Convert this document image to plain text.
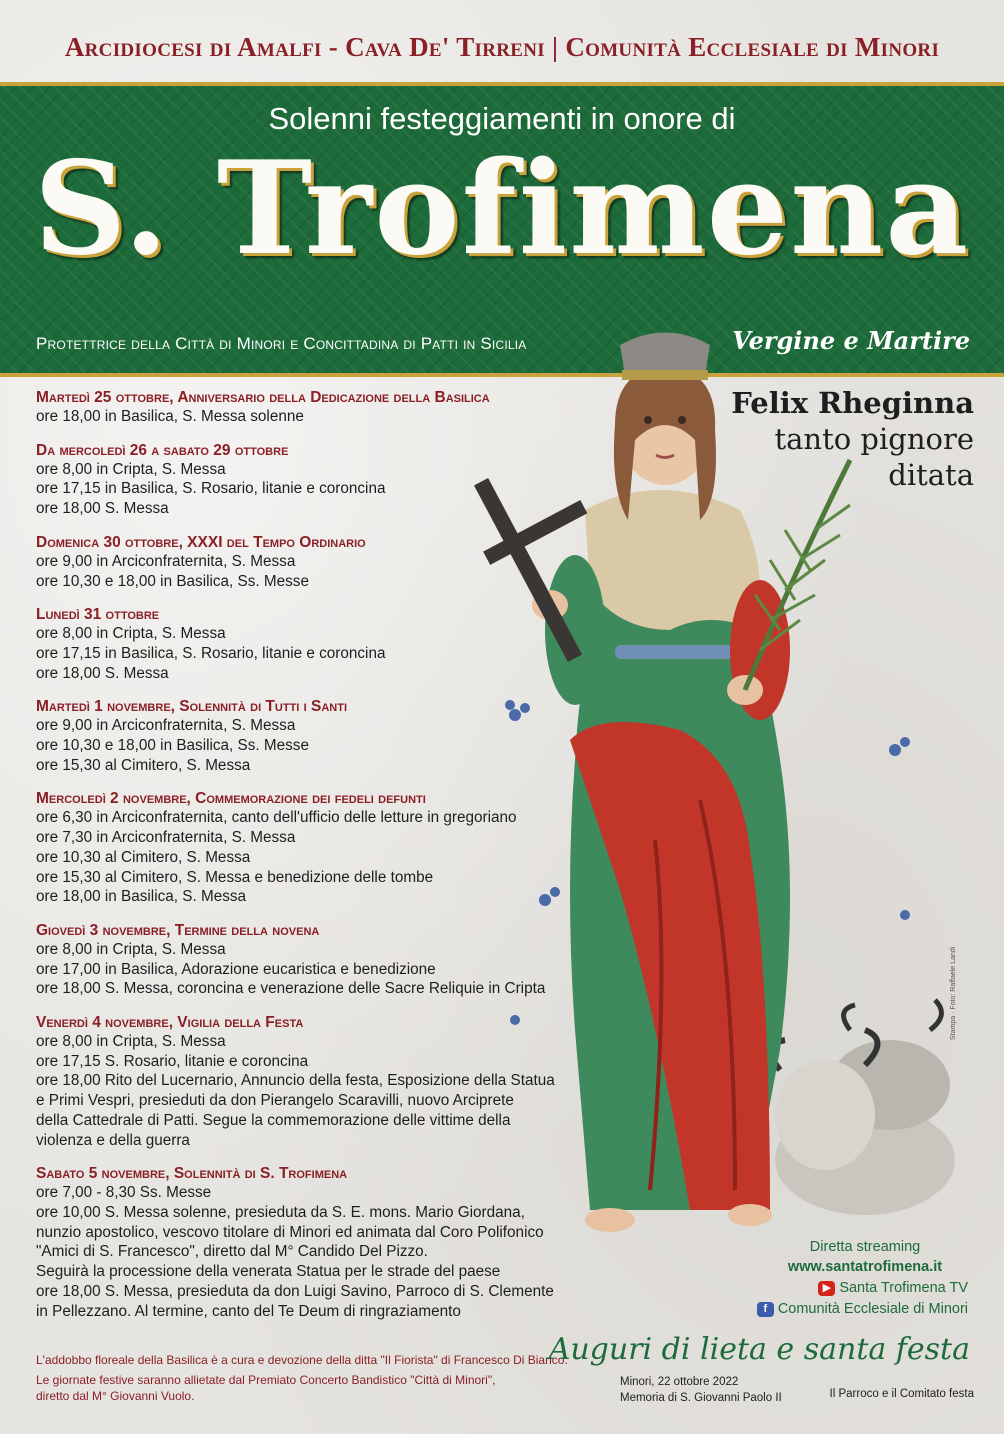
Arcidiocesi di Amalfi - Cava De' Tirreni | Comunità Ecclesiale di Minori
Solenni festeggiamenti in onore di
S. Trofimena
Protettrice della Città di Minori e Concittadina di Patti in Sicilia	Vergine e Martire
Felix Rheginna
tanto pignore
ditata
Martedì 25 ottobre, Anniversario della Dedicazione della Basilica
ore 18,00 in Basilica, S. Messa solenne
Da mercoledì 26 a sabato 29 ottobre
ore 8,00 in Cripta, S. Messa
ore 17,15 in Basilica, S. Rosario, litanie e coroncina
ore 18,00 S. Messa
Domenica 30 ottobre, XXXI del Tempo Ordinario
ore 9,00 in Arciconfraternita, S. Messa
ore 10,30 e 18,00 in Basilica, Ss. Messe
Lunedì 31 ottobre
ore 8,00 in Cripta, S. Messa
ore 17,15 in Basilica, S. Rosario, litanie e coroncina
ore 18,00 S. Messa
Martedì 1 novembre, Solennità di Tutti i Santi
ore 9,00 in Arciconfraternita, S. Messa
ore 10,30 e 18,00 in Basilica, Ss. Messe
ore 15,30 al Cimitero, S. Messa
Mercoledì 2 novembre, Commemorazione dei fedeli defunti
ore 6,30 in Arciconfraternita, canto dell'ufficio delle letture in gregoriano
ore 7,30 in Arciconfraternita, S. Messa
ore 10,30 al Cimitero, S. Messa
ore 15,30 al Cimitero, S. Messa e benedizione delle tombe
ore 18,00 in Basilica, S. Messa
Giovedì 3 novembre, Termine della novena
ore 8,00 in Cripta, S. Messa
ore 17,00 in Basilica, Adorazione eucaristica e benedizione
ore 18,00 S. Messa, coroncina e venerazione delle Sacre Reliquie in Cripta
Venerdì 4 novembre, Vigilia della Festa
ore 8,00 in Cripta, S. Messa
ore 17,15 S. Rosario, litanie e coroncina
ore 18,00 Rito del Lucernario, Annuncio della festa, Esposizione della Statua
e Primi Vespri, presieduti da don Pierangelo Scaravilli, nuovo Arciprete
della Cattedrale di Patti. Segue la commemorazione delle vittime della
violenza e della guerra
Sabato 5 novembre, Solennità di S. Trofimena
ore 7,00 - 8,30 Ss. Messe
ore 10,00 S. Messa solenne, presieduta da S. E. mons. Mario Giordana,
nunzio apostolico, vescovo titolare di Minori ed animata dal Coro Polifonico
"Amici di S. Francesco", diretto dal M° Candido Del Pizzo.
Seguirà la processione della venerata Statua per le strade del paese
ore 18,00 S. Messa, presieduta da don Luigi Savino, Parroco di S. Clemente
in Pellezzano. Al termine, canto del Te Deum di ringraziamento
L'addobbo floreale della Basilica è a cura e devozione della ditta "Il Fiorista" di Francesco Di Bianco.
Le giornate festive saranno allietate dal Premiato Concerto Bandistico "Città di Minori",
diretto dal M° Giovanni Vuolo.
Diretta streaming
www.santatrofimena.it
▶ Santa Trofimena TV
f Comunità Ecclesiale di Minori
Auguri di lieta e santa festa
Minori, 22 ottobre 2022
Memoria di S. Giovanni Paolo II	Il Parroco e il Comitato festa
Stampa · Foto: Raffaele Landi
